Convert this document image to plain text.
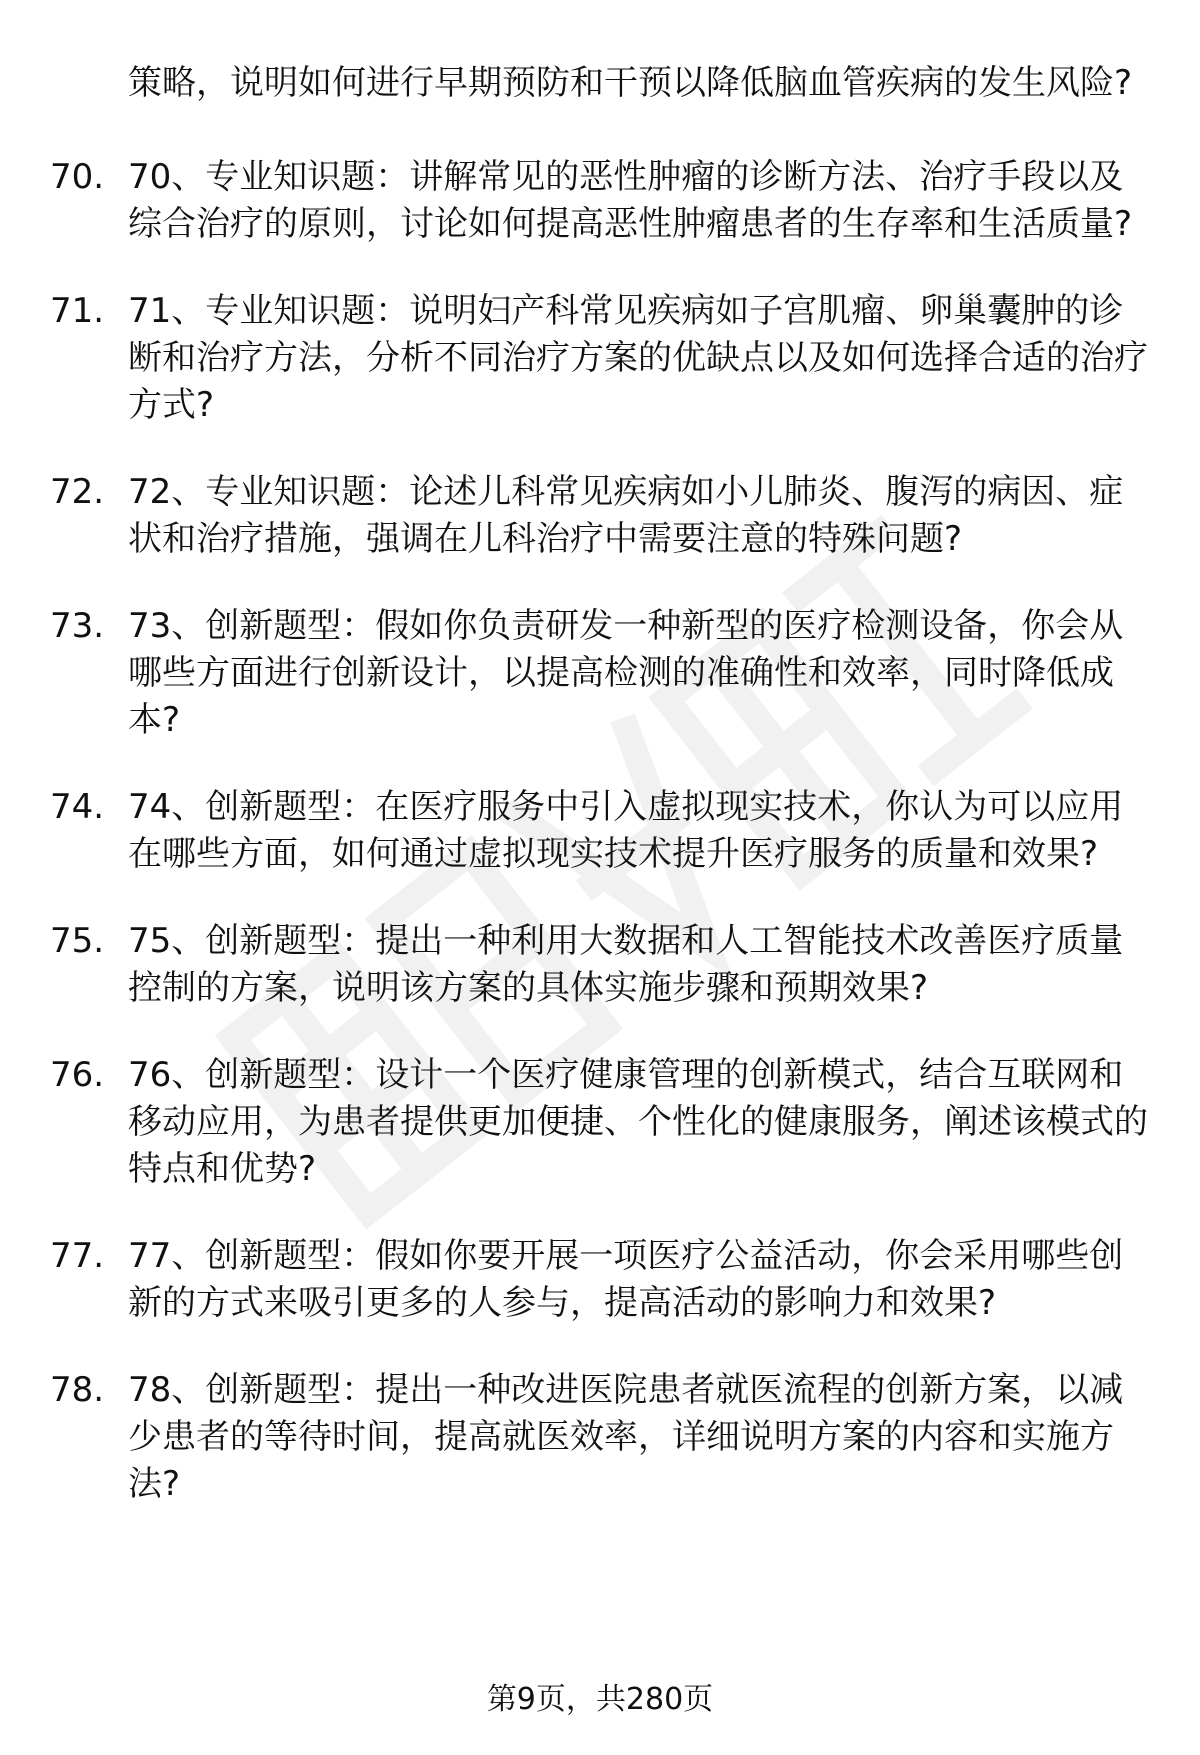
策略，说明如何进行早期预防和干预以降低脑血管疾病的发生风险?
70. 70、专业知识题：讲解常见的恶性肿瘤的诊断方法、治疗手段以及综合治疗的原则，讨论如何提高恶性肿瘤患者的生存率和生活质量?
71. 71、专业知识题：说明妇产科常见疾病如子宫肌瘤、卵巢囊肿的诊断和治疗方法，分析不同治疗方案的优缺点以及如何选择合适的治疗方式?
72. 72、专业知识题：论述儿科常见疾病如小儿肺炎、腹泻的病因、症状和治疗措施，强调在儿科治疗中需要注意的特殊问题?
73. 73、创新题型：假如你负责研发一种新型的医疗检测设备，你会从哪些方面进行创新设计，以提高检测的准确性和效率，同时降低成本?
74. 74、创新题型：在医疗服务中引入虚拟现实技术，你认为可以应用在哪些方面，如何通过虚拟现实技术提升医疗服务的质量和效果?
75. 75、创新题型：提出一种利用大数据和人工智能技术改善医疗质量控制的方案，说明该方案的具体实施步骤和预期效果?
76. 76、创新题型：设计一个医疗健康管理的创新模式，结合互联网和移动应用，为患者提供更加便捷、个性化的健康服务，阐述该模式的特点和优势?
77. 77、创新题型：假如你要开展一项医疗公益活动，你会采用哪些创新的方式来吸引更多的人参与，提高活动的影响力和效果?
78. 78、创新题型：提出一种改进医院患者就医流程的创新方案，以减少患者的等待时间，提高就医效率，详细说明方案的内容和实施方法?
第9页，共280页
